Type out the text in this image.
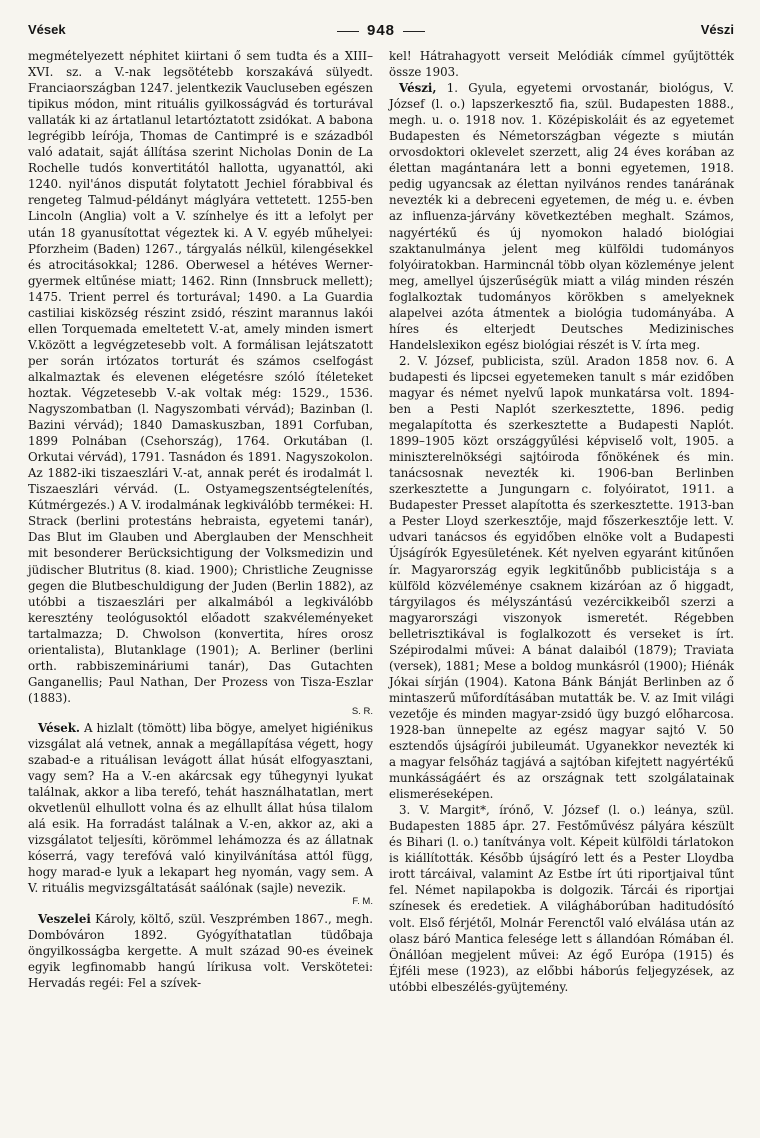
Vések	948	Vészi

megmételyezett néphitet kiirtani ő sem tudta és a XIII–XVI. sz. a V.-nak legsötétebb korszakává sülyedt. Franciaországban 1247. jelentkezik Vaucluseben egészen tipikus módon, mint rituális gyilkosságvád és torturával vallaták ki az ártatlanul letartóztatott zsidókat. A babona legrégibb leírója, Thomas de Cantimpré is e századból való adatait, saját állítása szerint Nicholas Donin de La Rochelle tudós konvertitától hallotta, ugyanattól, aki 1240. nyil'ános disputát folytatott Jechiel fórabbival és rengeteg Talmud-példányt máglyára vettetett. 1255-ben Lincoln (Anglia) volt a V. színhelye és itt a lefolyt per után 18 gyanusítottat végeztek ki. A V. egyéb műhelyei: Pforzheim (Baden) 1267., tárgyalás nélkül, kilengésekkel és atrocitásokkal; 1286. Oberwesel a hétéves Werner-gyermek eltűnése miatt; 1462. Rinn (Innsbruck mellett); 1475. Trient perrel és torturával; 1490. a La Guardia castiliai kisközség részint zsidó, részint marannus lakói ellen Torquemada emeltetett V.-at, amely minden ismert V.között a legvégzetesebb volt. A formálisan lejátszatott per során irtózatos torturát és számos cselfogást alkalmaztak és elevenen elégetésre szóló ítéleteket hoztak. Végzetesebb V.-ak voltak még: 1529., 1536. Nagyszombatban (l. Nagyszombati vérvád); Bazinban (l. Bazini vérvád); 1840 Damaskuszban, 1891 Corfuban, 1899 Polnában (Csehország), 1764. Orkutában (l. Orkutai vérvád), 1791. Tasnádon és 1891. Nagyszokolon. Az 1882-iki tiszaeszlári V.-at, annak perét és irodalmát l. Tiszaeszlári vérvád. (L. Ostyamegszentségtelenítés, Kútmérgezés.) A V. irodalmának legkiválóbb termékei: H. Strack (berlini protestáns hebraista, egyetemi tanár), Das Blut im Glauben und Aberglauben der Menschheit mit besonderer Berücksichtigung der Volksmedizin und jüdischer Blutritus (8. kiad. 1900); Christliche Zeugnisse gegen die Blutbeschuldigung der Juden (Berlin 1882), az utóbbi a tiszaeszlári per alkalmából a legkiválóbb keresztény teológusoktól előadott szakvéleményeket tartalmazza; D. Chwolson (konvertita, híres orosz orientalista), Blutanklage (1901); A. Berliner (berlini orth. rabbiszemináriumi tanár), Das Gutachten Ganganellis; Paul Nathan, Der Prozess von Tisza-Eszlar (1883).

S. R.

Vések. A hizlalt (tömött) liba bögye, amelyet higiénikus vizsgálat alá vetnek, annak a megállapítása végett, hogy szabad-e a rituálisan levágott állat húsát elfogyasztani, vagy sem? Ha a V.-en akárcsak egy tűhegynyi lyukat találnak, akkor a liba terefó, tehát használhatatlan, mert okvetlenül elhullott volna és az elhullt állat húsa tilalom alá esik. Ha forradást találnak a V.-en, akkor az, aki a vizsgálatot teljesíti, körömmel lehámozza és az állatnak kóserrá, vagy terefóvá való kinyilvánítása attól függ, hogy marad-e lyuk a lekapart heg nyomán, vagy sem. A V. rituális megvizsgáltatását saálónak (sajle) nevezik.

F. M.

Veszelei Károly, költő, szül. Veszprémben 1867., megh. Dombóváron 1892. Gyógyíthatatlan tüdőbaja öngyilkosságba kergette. A mult század 90-es éveinek egyik legfinomabb hangú lírikusa volt. Verskötetei: Hervadás regéi: Fel a szívek-

kel! Hátrahagyott verseit Melódiák címmel gyűjtötték össze 1903.

Vészi, 1. Gyula, egyetemi orvostanár, biológus, V. József (l. o.) lapszerkesztő fia, szül. Budapesten 1888., megh. u. o. 1918 nov. 1. Középiskoláit és az egyetemet Budapesten és Németországban végezte s miután orvosdoktori oklevelet szerzett, alig 24 éves korában az élettan magántanára lett a bonni egyetemen, 1918. pedig ugyancsak az élettan nyilvános rendes tanárának nevezték ki a debreceni egyetemen, de még u. e. évben az influenza-járvány következtében meghalt. Számos, nagyértékű és új nyomokon haladó biológiai szaktanulmánya jelent meg külföldi tudományos folyóiratokban. Harmincnál több olyan közleménye jelent meg, amellyel újszerűségük miatt a világ minden részén foglalkoztak tudományos körökben s amelyeknek alapelvei azóta átmentek a biológia tudományába. A híres és elterjedt Deutsches Medizinisches Handelslexikon egész biológiai részét is V. írta meg.

2. V. József, publicista, szül. Aradon 1858 nov. 6. A budapesti és lipcsei egyetemeken tanult s már ezidőben magyar és német nyelvű lapok munkatársa volt. 1894-ben a Pesti Naplót szerkesztette, 1896. pedig megalapította és szerkesztette a Budapesti Naplót. 1899–1905 közt országgyűlési képviselő volt, 1905. a miniszterelnökségi sajtóiroda főnökének és min. tanácsosnak nevezték ki. 1906-ban Berlinben szerkesztette a Jungungarn c. folyóiratot, 1911. a Budapester Presset alapította és szerkesztette. 1913-ban a Pester Lloyd szerkesztője, majd főszerkesztője lett. V. udvari tanácsos és egyidőben elnöke volt a Budapesti Újságírók Egyesületének. Két nyelven egyaránt kitűnően ír. Magyarország egyik legkitűnőbb publicistája s a külföld közvéleménye csaknem kizáróan az ő higgadt, tárgyilagos és mélyszántású vezércikkeiből szerzi a magyarországi viszonyok ismeretét. Régebben belletrisztikával is foglalkozott és verseket is írt. Szépirodalmi művei: A bánat dalaiból (1879); Traviata (versek), 1881; Mese a boldog munkásról (1900); Hiénák Jókai sírján (1904). Katona Bánk Bánját Berlinben az ő mintaszerű műfordításában mutatták be. V. az Imit világi vezetője és minden magyar-zsidó ügy buzgó előharcosa. 1928-ban ünnepelte az egész magyar sajtó V. 50 esztendős újságírói jubileumát. Ugyanekkor nevezték ki a magyar felsőház tagjává a sajtóban kifejtett nagyértékű munkásságáért és az országnak tett szolgálatainak elismeréseképen.

3. V. Margit*, írónő, V. József (l. o.) leánya, szül. Budapesten 1885 ápr. 27. Festőművész pályára készült és Bihari (l. o.) tanítványa volt. Képeit külföldi tárlatokon is kiállították. Később újságíró lett és a Pester Lloydba irott tárcáival, valamint Az Estbe írt úti riportjaival tűnt fel. Német napilapokba is dolgozik. Tárcái és riportjai színesek és eredetiek. A világháborúban haditudósító volt. Első férjétől, Molnár Ferenctől való elválása után az olasz báró Mantica felesége lett s állandóan Rómában él. Önállóan megjelent művei: Az égő Európa (1915) és Éjféli mese (1923), az előbbi háborús feljegyzések, az utóbbi elbeszélés-gyüjtemény.
